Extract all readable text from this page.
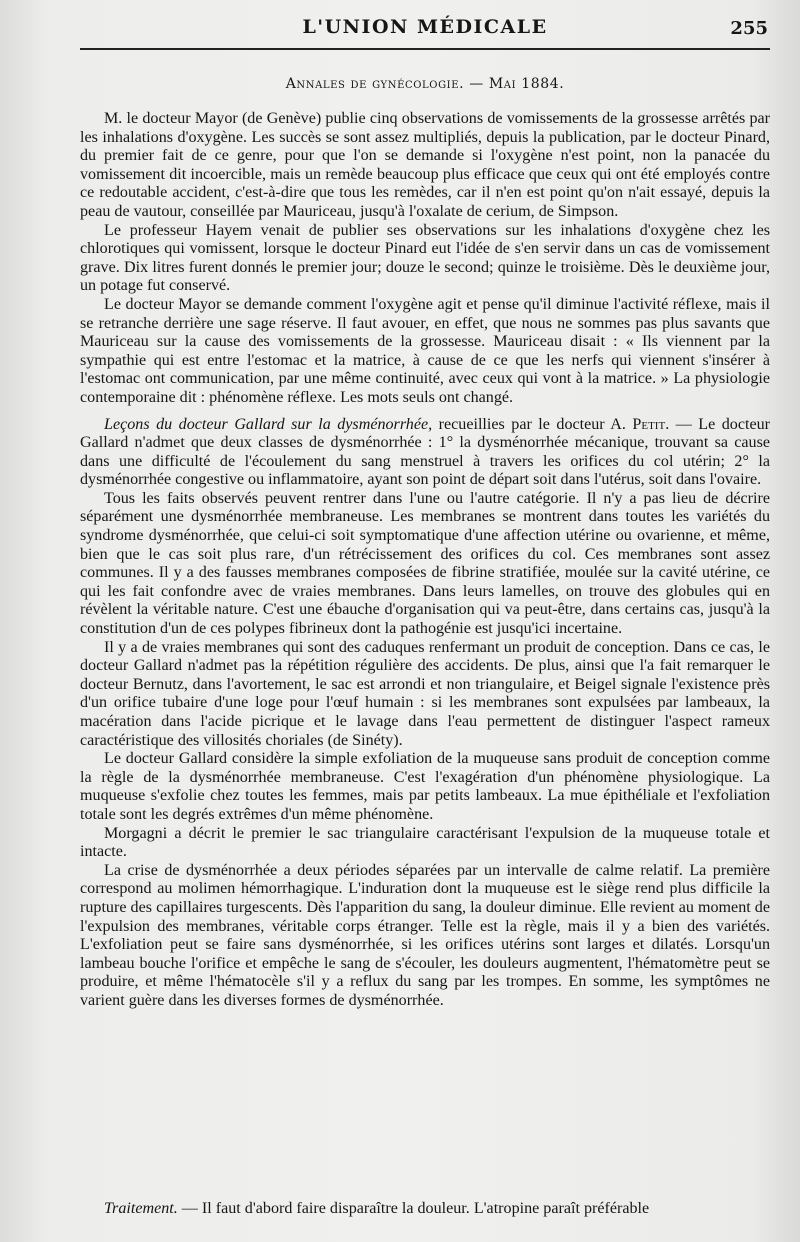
L'UNION MÉDICALE	255
Annales de gynécologie. — Mai 1884.

M. le docteur Mayor (de Genève) publie cinq observations de vomissements de la grossesse arrêtés par les inhalations d'oxygène. Les succès se sont assez multipliés, depuis la publication, par le docteur Pinard, du premier fait de ce genre, pour que l'on se demande si l'oxygène n'est point, non la panacée du vomissement dit incoercible, mais un remède beaucoup plus efficace que ceux qui ont été employés contre ce redoutable accident, c'est-à-dire que tous les remèdes, car il n'en est point qu'on n'ait essayé, depuis la peau de vautour, conseillée par Mauriceau, jusqu'à l'oxalate de cerium, de Simpson.

Le professeur Hayem venait de publier ses observations sur les inhalations d'oxygène chez les chlorotiques qui vomissent, lorsque le docteur Pinard eut l'idée de s'en servir dans un cas de vomissement grave. Dix litres furent donnés le premier jour; douze le second; quinze le troisième. Dès le deuxième jour, un potage fut conservé.

Le docteur Mayor se demande comment l'oxygène agit et pense qu'il diminue l'activité réflexe, mais il se retranche derrière une sage réserve. Il faut avouer, en effet, que nous ne sommes pas plus savants que Mauriceau sur la cause des vomissements de la grossesse. Mauriceau disait : « Ils viennent par la sympathie qui est entre l'estomac et la matrice, à cause de ce que les nerfs qui viennent s'insérer à l'estomac ont communication, par une même continuité, avec ceux qui vont à la matrice. » La physiologie contemporaine dit : phénomène réflexe. Les mots seuls ont changé.

Leçons du docteur Gallard sur la dysménorrhée, recueillies par le docteur A. Petit. — Le docteur Gallard n'admet que deux classes de dysménorrhée : 1° la dysménorrhée mécanique, trouvant sa cause dans une difficulté de l'écoulement du sang menstruel à travers les orifices du col utérin; 2° la dysménorrhée congestive ou inflammatoire, ayant son point de départ soit dans l'utérus, soit dans l'ovaire.

Tous les faits observés peuvent rentrer dans l'une ou l'autre catégorie. Il n'y a pas lieu de décrire séparément une dysménorrhée membraneuse. Les membranes se montrent dans toutes les variétés du syndrome dysménorrhée, que celui-ci soit symptomatique d'une affection utérine ou ovarienne, et même, bien que le cas soit plus rare, d'un rétrécissement des orifices du col. Ces membranes sont assez communes. Il y a des fausses membranes composées de fibrine stratifiée, moulée sur la cavité utérine, ce qui les fait confondre avec de vraies membranes. Dans leurs lamelles, on trouve des globules qui en révèlent la véritable nature. C'est une ébauche d'organisation qui va peut-être, dans certains cas, jusqu'à la constitution d'un de ces polypes fibrineux dont la pathogénie est jusqu'ici incertaine.

Il y a de vraies membranes qui sont des caduques renfermant un produit de conception. Dans ce cas, le docteur Gallard n'admet pas la répétition régulière des accidents. De plus, ainsi que l'a fait remarquer le docteur Bernutz, dans l'avortement, le sac est arrondi et non triangulaire, et Beigel signale l'existence près d'un orifice tubaire d'une loge pour l'œuf humain : si les membranes sont expulsées par lambeaux, la macération dans l'acide picrique et le lavage dans l'eau permettent de distinguer l'aspect rameux caractéristique des villosités choriales (de Sinéty).

Le docteur Gallard considère la simple exfoliation de la muqueuse sans produit de conception comme la règle de la dysménorrhée membraneuse. C'est l'exagération d'un phénomène physiologique. La muqueuse s'exfolie chez toutes les femmes, mais par petits lambeaux. La mue épithéliale et l'exfoliation totale sont les degrés extrêmes d'un même phénomène.

Morgagni a décrit le premier le sac triangulaire caractérisant l'expulsion de la muqueuse totale et intacte.

La crise de dysménorrhée a deux périodes séparées par un intervalle de calme relatif. La première correspond au molimen hémorrhagique. L'induration dont la muqueuse est le siège rend plus difficile la rupture des capillaires turgescents. Dès l'apparition du sang, la douleur diminue. Elle revient au moment de l'expulsion des membranes, véritable corps étranger. Telle est la règle, mais il y a bien des variétés. L'exfoliation peut se faire sans dysménorrhée, si les orifices utérins sont larges et dilatés. Lorsqu'un lambeau bouche l'orifice et empêche le sang de s'écouler, les douleurs augmentent, l'hématomètre peut se produire, et même l'hématocèle s'il y a reflux du sang par les trompes. En somme, les symptômes ne varient guère dans les diverses formes de dysménorrhée.

Traitement. — Il faut d'abord faire disparaître la douleur. L'atropine paraît préférable
